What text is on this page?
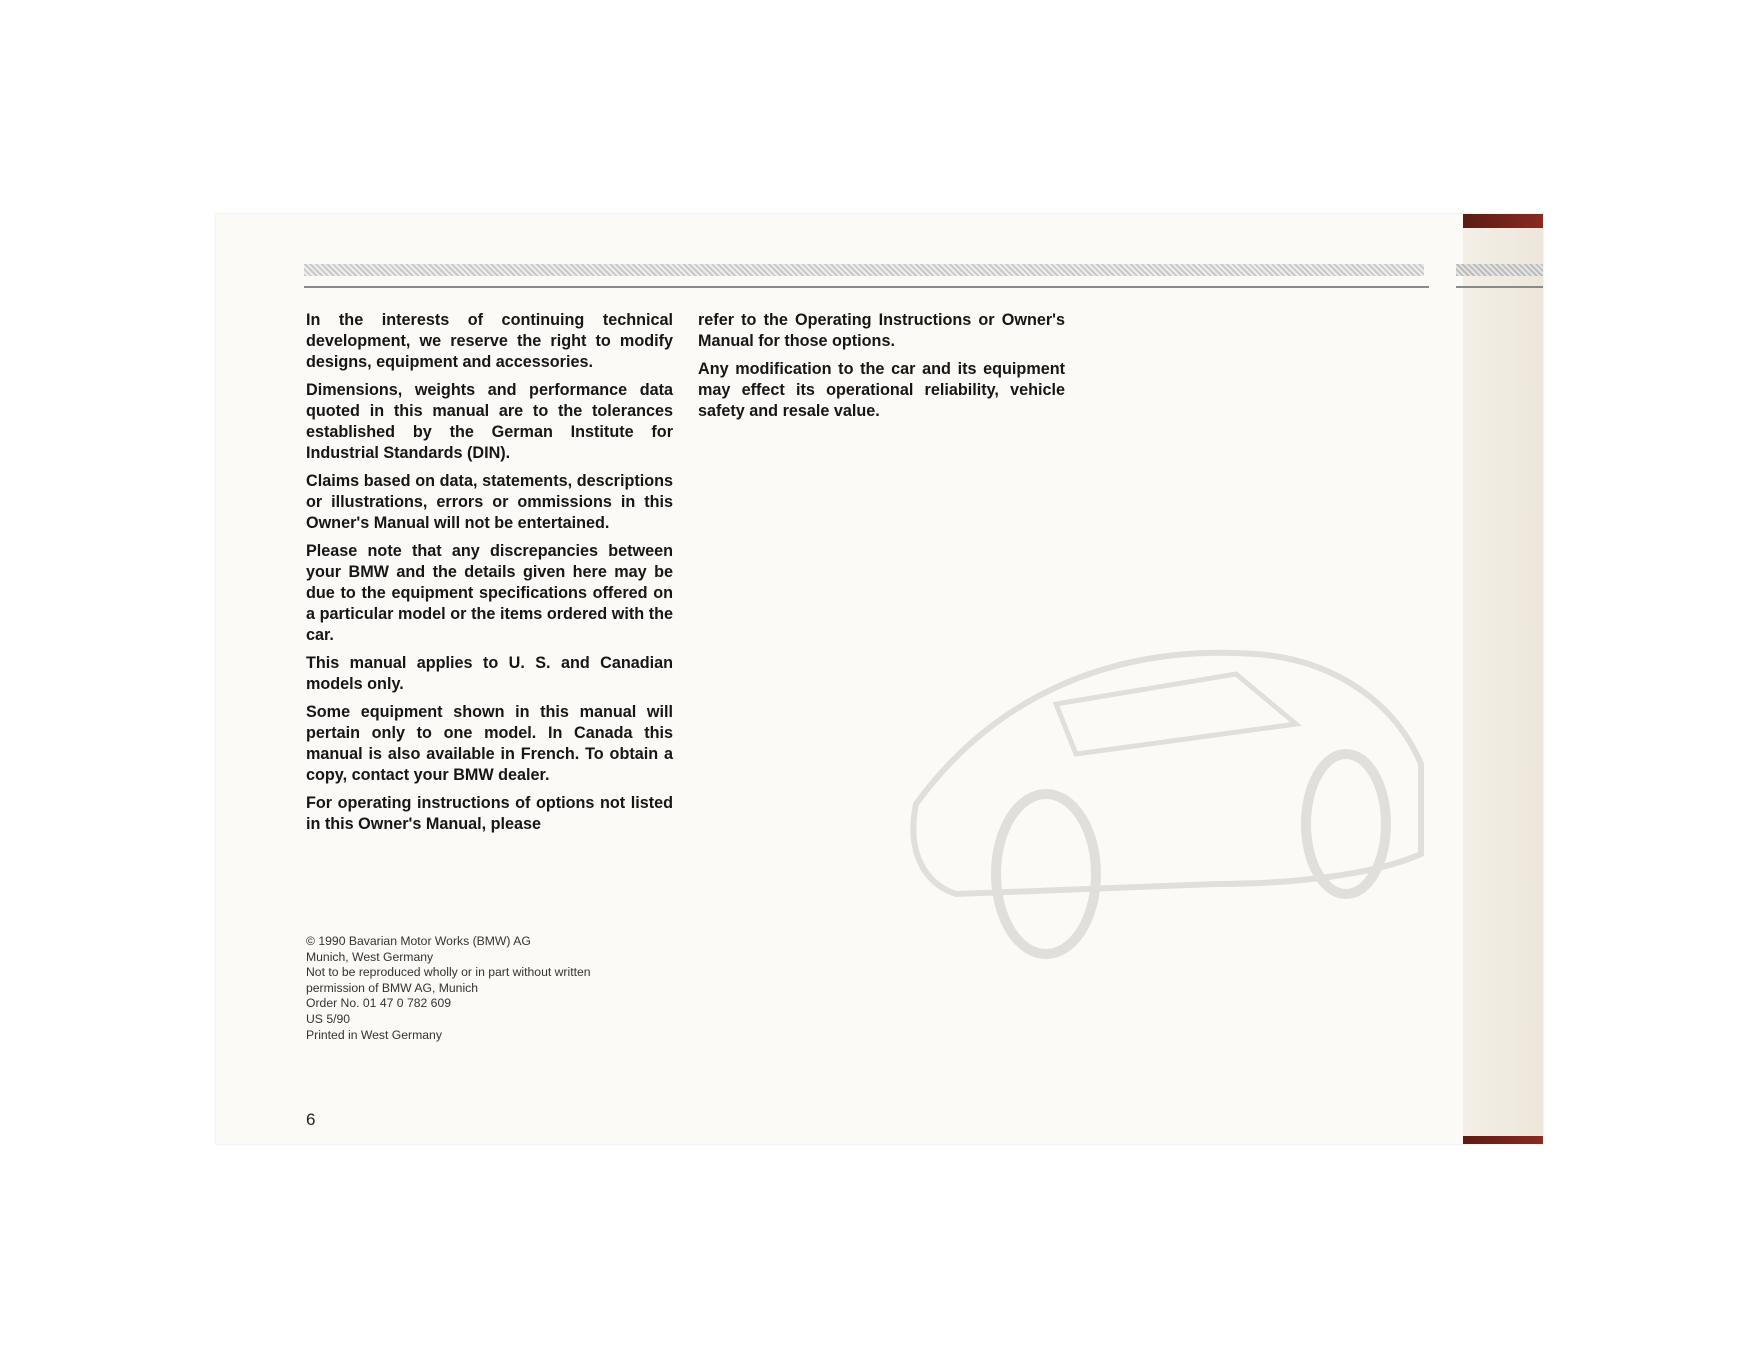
In the interests of continuing technical development, we reserve the right to modify designs, equipment and accessories.

Dimensions, weights and performance data quoted in this manual are to the tolerances established by the German Institute for Industrial Standards (DIN).

Claims based on data, statements, descriptions or illustrations, errors or ommissions in this Owner's Manual will not be entertained.

Please note that any discrepancies between your BMW and the details given here may be due to the equipment specifications offered on a particular model or the items ordered with the car.

This manual applies to U. S. and Canadian models only.

Some equipment shown in this manual will pertain only to one model. In Canada this manual is also available in French. To obtain a copy, contact your BMW dealer.

For operating instructions of options not listed in this Owner's Manual, please

refer to the Operating Instructions or Owner's Manual for those options.

Any modification to the car and its equipment may effect its operational reliability, vehicle safety and resale value.

© 1990 Bavarian Motor Works (BMW) AG
Munich, West Germany
Not to be reproduced wholly or in part without written
permission of BMW AG, Munich
Order No. 01 47 0 782 609
US 5/90
Printed in West Germany
6
